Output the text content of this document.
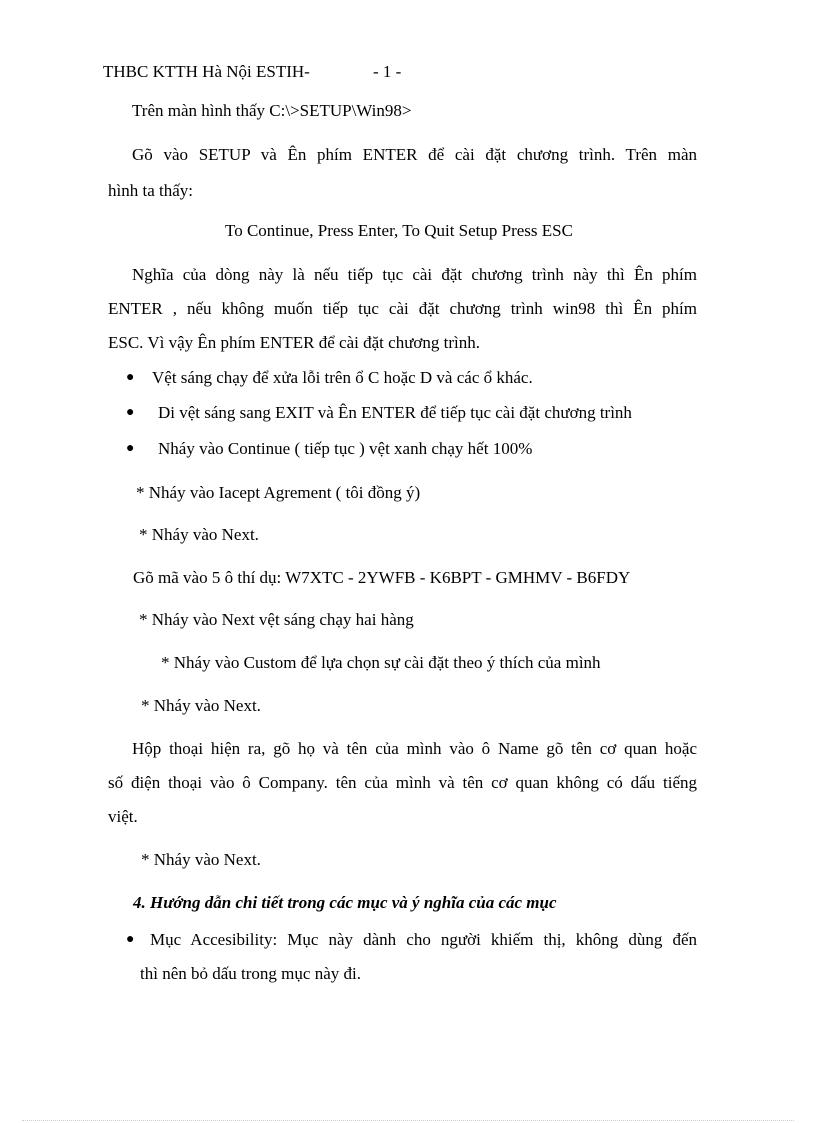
THBC KTTH Hà Nội ESTIH-	- 1 -
Trên màn hình thấy C:\>SETUP\Win98>
Gõ vào SETUP và Ên phím ENTER để cài đặt chương trình. Trên màn
hình ta thấy:
To Continue, Press Enter, To Quit Setup Press ESC
Nghĩa của dòng này là nếu tiếp tục cài đặt chương trình này thì Ên phím
ENTER , nếu không muốn tiếp tục cài đặt chương trình win98 thì Ên phím
ESC. Vì vậy Ên phím ENTER để cài đặt chương trình.
● Vệt sáng chạy để xửa lỗi trên ổ C hoặc D và các ổ khác.
● Di vệt sáng sang EXIT và Ên ENTER để tiếp tục cài đặt chương trình
● Nháy vào Continue ( tiếp tục ) vệt xanh chạy hết 100%
* Nháy vào Iacept Agrement ( tôi đồng ý)
* Nháy vào Next.
Gõ mã vào 5 ô thí dụ: W7XTC - 2YWFB - K6BPT - GMHMV - B6FDY
* Nháy vào Next vệt sáng chạy hai hàng
* Nháy vào Custom để lựa chọn sự cài đặt theo ý thích của mình
* Nháy vào Next.
Hộp thoại hiện ra, gõ họ và tên của mình vào ô Name gõ tên cơ quan hoặc
số điện thoại vào ô Company. tên của mình và tên cơ quan không có dấu tiếng
việt.
* Nháy vào Next.
4. Hướng dẫn chi tiết trong các mục và ý nghĩa của các mục
● Mục Accesibility: Mục này dành cho người khiếm thị, không dùng đến
thì nên bỏ dấu trong mục này đi.
